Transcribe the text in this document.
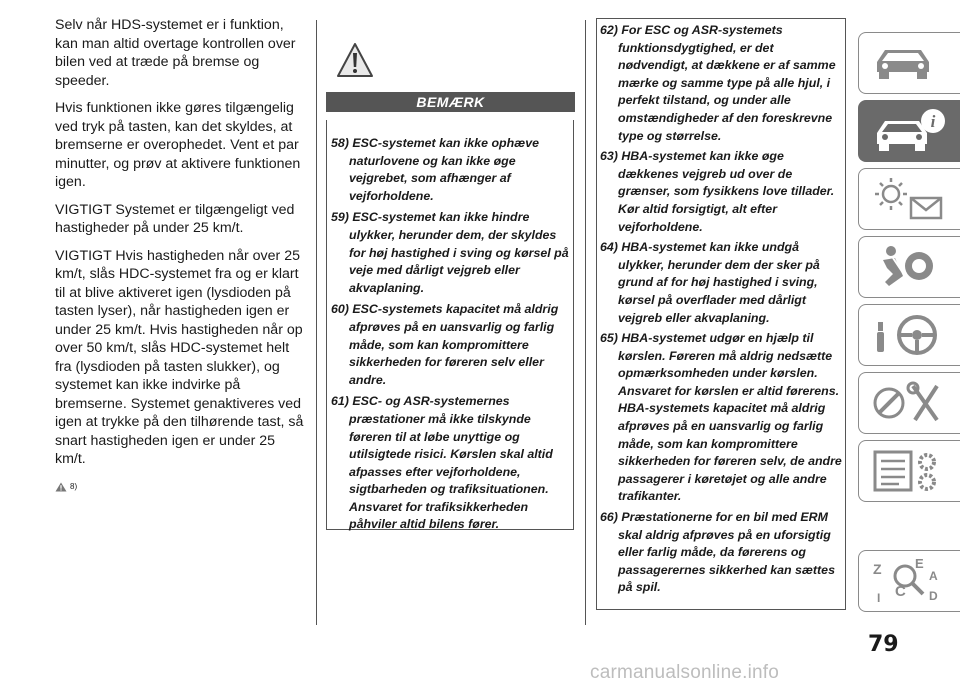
Selv når HDS-systemet er i funktion, kan man altid overtage kontrollen over bilen ved at træde på bremse og speeder.

Hvis funktionen ikke gøres tilgængelig ved tryk på tasten, kan det skyldes, at bremserne er overophedet. Vent et par minutter, og prøv at aktivere funktionen igen.

VIGTIGT Systemet er tilgængeligt ved hastigheder på under 25 km/t.

VIGTIGT Hvis hastigheden når over 25 km/t, slås HDC-systemet fra og er klart til at blive aktiveret igen (lysdioden på tasten lyser), når hastigheden igen er under 25 km/t. Hvis hastigheden når op over 50 km/t, slås HDC-systemet helt fra (lysdioden på tasten slukker), og systemet kan ikke indvirke på bremserne. Systemet genaktiveres ved igen at trykke på den tilhørende tast, så snart hastigheden igen er under 25 km/t.

8)
BEMÆRK

58) ESC-systemet kan ikke ophæve naturlovene og kan ikke øge vejgrebet, som afhænger af vejforholdene.

59) ESC-systemet kan ikke hindre ulykker, herunder dem, der skyldes for høj hastighed i sving og kørsel på veje med dårligt vejgreb eller akvaplaning.

60) ESC-systemets kapacitet må aldrig afprøves på en uansvarlig og farlig måde, som kan kompromittere sikkerheden for føreren selv eller andre.

61) ESC- og ASR-systemernes præstationer må ikke tilskynde føreren til at løbe unyttige og utilsigtede risici. Kørslen skal altid afpasses efter vejforholdene, sigtbarheden og trafiksituationen. Ansvaret for trafiksikkerheden påhviler altid bilens fører.

62) For ESC og ASR-systemets funktionsdygtighed, er det nødvendigt, at dækkene er af samme mærke og samme type på alle hjul, i perfekt tilstand, og under alle omstændigheder af den foreskrevne type og størrelse.

63) HBA-systemet kan ikke øge dækkenes vejgreb ud over de grænser, som fysikkens love tillader. Kør altid forsigtigt, alt efter vejforholdene.

64) HBA-systemet kan ikke undgå ulykker, herunder dem der sker på grund af for høj hastighed i sving, kørsel på overflader med dårligt vejgreb eller akvaplaning.

65) HBA-systemet udgør en hjælp til kørslen. Føreren må aldrig nedsætte opmærksomheden under kørslen. Ansvaret for kørslen er altid førerens. HBA-systemets kapacitet må aldrig afprøves på en uansvarlig og farlig måde, som kan kompromittere sikkerheden for føreren selv, de andre passagerer i køretøjet og alle andre trafikanter.

66) Præstationerne for en bil med ERM skal aldrig afprøves på en uforsigtig eller farlig måde, da førerens og passagerernes sikkerhed kan sættes på spil.

i
Z	E
A
C
I	D
79
carmanualsonline.info
